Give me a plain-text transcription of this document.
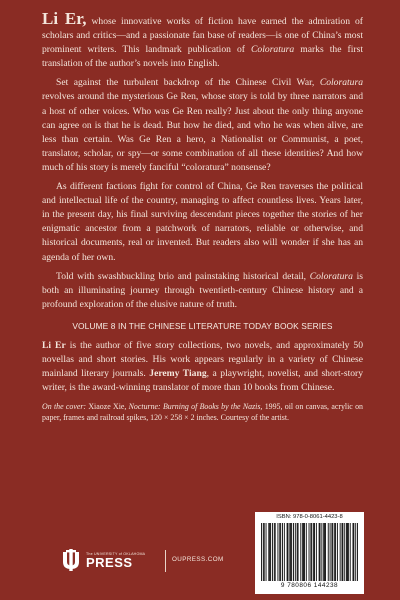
Li Er, whose innovative works of fiction have earned the admiration of scholars and critics—and a passionate fan base of readers—is one of China’s most prominent writers. This landmark publication of Coloratura marks the first translation of the author’s novels into English.

Set against the turbulent backdrop of the Chinese Civil War, Coloratura revolves around the mysterious Ge Ren, whose story is told by three narrators and a host of other voices. Who was Ge Ren really? Just about the only thing anyone can agree on is that he is dead. But how he died, and who he was when alive, are less than certain. Was Ge Ren a hero, a Nationalist or Communist, a poet, translator, scholar, or spy—or some combination of all these identities? And how much of his story is merely fanciful “coloratura” nonsense?

As different factions fight for control of China, Ge Ren traverses the political and intellectual life of the country, managing to affect countless lives. Years later, in the present day, his final surviving descendant pieces together the stories of her enigmatic ancestor from a patchwork of narrators, reliable or otherwise, and historical documents, real or invented. But readers also will wonder if she has an agenda of her own.

Told with swashbuckling brio and painstaking historical detail, Coloratura is both an illuminating journey through twentieth-century Chinese history and a profound exploration of the elusive nature of truth.

VOLUME 8 IN THE CHINESE LITERATURE TODAY BOOK SERIES

Li Er is the author of five story collections, two novels, and approximately 50 novellas and short stories. His work appears regularly in a variety of Chinese mainland literary journals. Jeremy Tiang, a playwright, novelist, and short-story writer, is the award-winning translator of more than 10 books from Chinese.

On the cover: Xiaoze Xie, Nocturne: Burning of Books by the Nazis, 1995, oil on canvas, acrylic on paper, frames and railroad spikes, 120 × 258 × 2 inches. Courtesy of the artist.

The UNIVERSITY of OKLAHOMA
PRESS	OUPRESS.COM
ISBN: 978-0-8061-4423-8
9 780806 144238
